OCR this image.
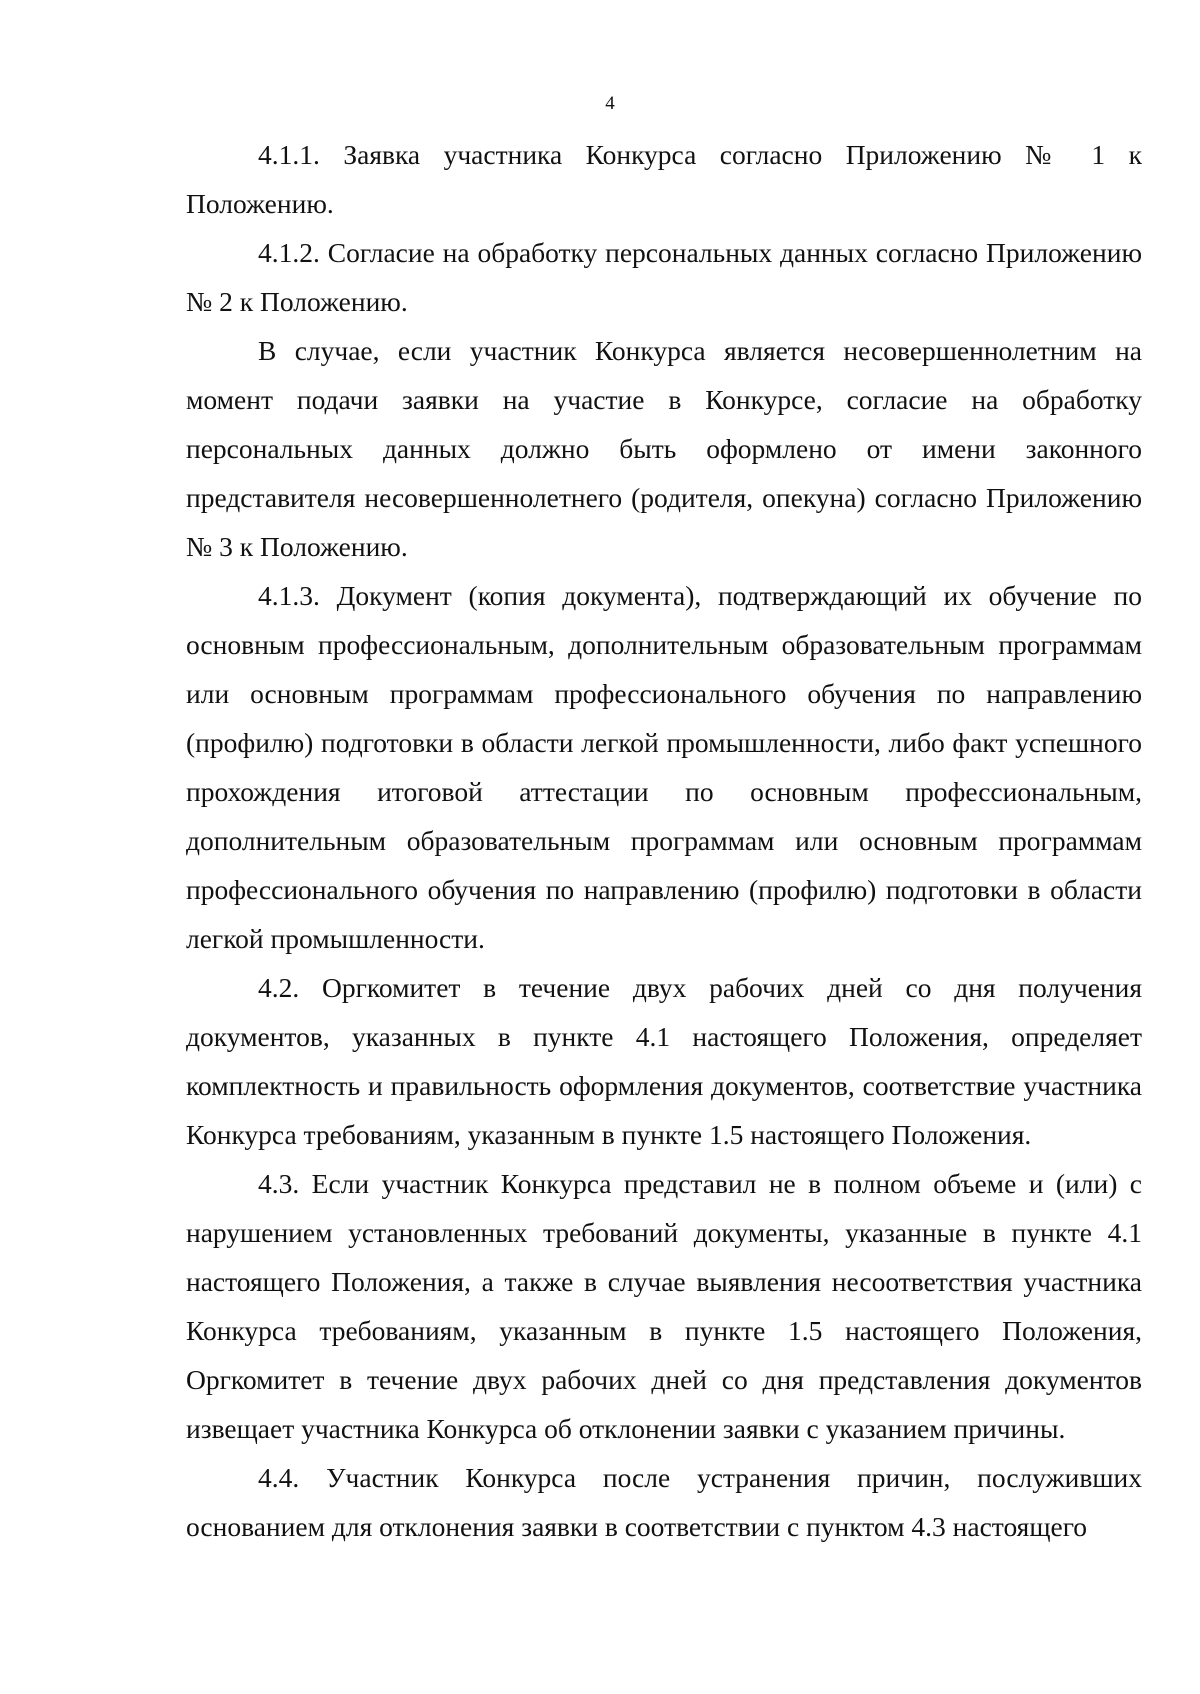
4

4.1.1. Заявка участника Конкурса согласно Приложению № 1 к Положению.

4.1.2. Согласие на обработку персональных данных согласно Приложению № 2 к Положению.

В случае, если участник Конкурса является несовершеннолетним на момент подачи заявки на участие в Конкурсе, согласие на обработку персональных данных должно быть оформлено от имени законного представителя несовершеннолетнего (родителя, опекуна) согласно Приложению № 3 к Положению.

4.1.3. Документ (копия документа), подтверждающий их обучение по основным профессиональным, дополнительным образовательным программам или основным программам профессионального обучения по направлению (профилю) подготовки в области легкой промышленности, либо факт успешного прохождения итоговой аттестации по основным профессиональным, дополнительным образовательным программам или основным программам профессионального обучения по направлению (профилю) подготовки в области легкой промышленности.

4.2. Оргкомитет в течение двух рабочих дней со дня получения документов, указанных в пункте 4.1 настоящего Положения, определяет комплектность и правильность оформления документов, соответствие участника Конкурса требованиям, указанным в пункте 1.5 настоящего Положения.

4.3. Если участник Конкурса представил не в полном объеме и (или) с нарушением установленных требований документы, указанные в пункте 4.1 настоящего Положения, а также в случае выявления несоответствия участника Конкурса требованиям, указанным в пункте 1.5 настоящего Положения, Оргкомитет в течение двух рабочих дней со дня представления документов извещает участника Конкурса об отклонении заявки с указанием причины.

4.4. Участник Конкурса после устранения причин, послуживших основанием для отклонения заявки в соответствии с пунктом 4.3 настоящего
